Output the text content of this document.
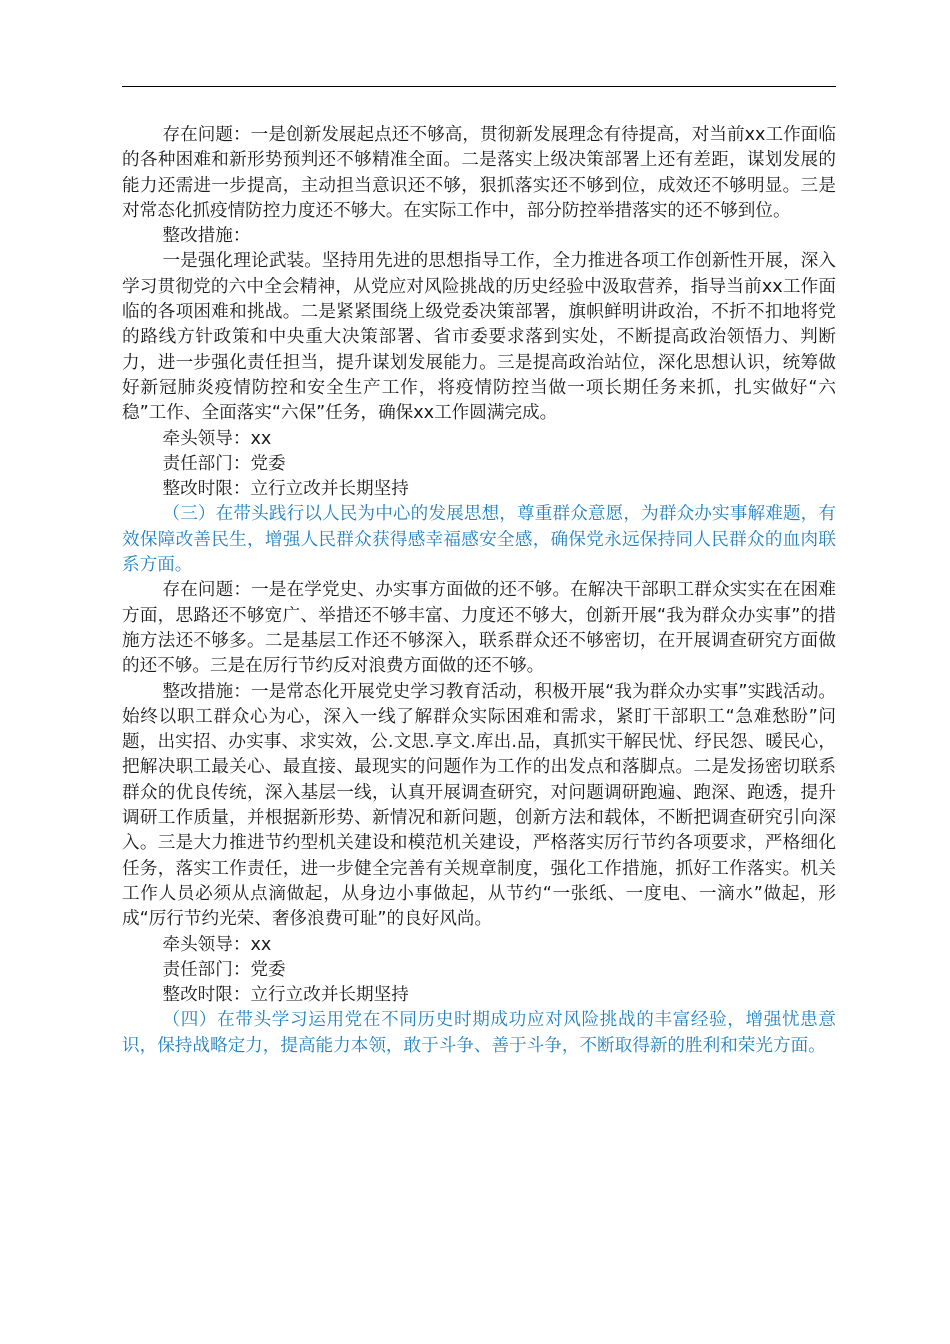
存在问题：一是创新发展起点还不够高，贯彻新发展理念有待提高，对当前xx工作面临的各种困难和新形势预判还不够精准全面。二是落实上级决策部署上还有差距，谋划发展的能力还需进一步提高，主动担当意识还不够，狠抓落实还不够到位，成效还不够明显。三是对常态化抓疫情防控力度还不够大。在实际工作中，部分防控举措落实的还不够到位。

整改措施：

一是强化理论武装。坚持用先进的思想指导工作，全力推进各项工作创新性开展，深入学习贯彻党的六中全会精神，从党应对风险挑战的历史经验中汲取营养，指导当前xx工作面临的各项困难和挑战。二是紧紧围绕上级党委决策部署，旗帜鲜明讲政治，不折不扣地将党的路线方针政策和中央重大决策部署、省市委要求落到实处，不断提高政治领悟力、判断力，进一步强化责任担当，提升谋划发展能力。三是提高政治站位，深化思想认识，统筹做好新冠肺炎疫情防控和安全生产工作，将疫情防控当做一项长期任务来抓，扎实做好“六稳”工作、全面落实“六保”任务，确保xx工作圆满完成。

牵头领导：xx

责任部门：党委

整改时限：立行立改并长期坚持

（三）在带头践行以人民为中心的发展思想，尊重群众意愿，为群众办实事解难题，有效保障改善民生，增强人民群众获得感幸福感安全感，确保党永远保持同人民群众的血肉联系方面。

存在问题：一是在学党史、办实事方面做的还不够。在解决干部职工群众实实在在困难方面，思路还不够宽广、举措还不够丰富、力度还不够大，创新开展“我为群众办实事”的措施方法还不够多。二是基层工作还不够深入，联系群众还不够密切，在开展调查研究方面做的还不够。三是在厉行节约反对浪费方面做的还不够。

整改措施：一是常态化开展党史学习教育活动，积极开展“我为群众办实事”实践活动。始终以职工群众心为心，深入一线了解群众实际困难和需求，紧盯干部职工“急难愁盼”问题，出实招、办实事、求实效，公.文思.享文.库出.品，真抓实干解民忧、纾民怨、暖民心，把解决职工最关心、最直接、最现实的问题作为工作的出发点和落脚点。二是发扬密切联系群众的优良传统，深入基层一线，认真开展调查研究，对问题调研跑遍、跑深、跑透，提升调研工作质量，并根据新形势、新情况和新问题，创新方法和载体，不断把调查研究引向深入。三是大力推进节约型机关建设和模范机关建设，严格落实厉行节约各项要求，严格细化任务，落实工作责任，进一步健全完善有关规章制度，强化工作措施，抓好工作落实。机关工作人员必须从点滴做起，从身边小事做起，从节约“一张纸、一度电、一滴水”做起，形成“厉行节约光荣、奢侈浪费可耻”的良好风尚。

牵头领导：xx

责任部门：党委

整改时限：立行立改并长期坚持

（四）在带头学习运用党在不同历史时期成功应对风险挑战的丰富经验，增强忧患意识，保持战略定力，提高能力本领，敢于斗争、善于斗争，不断取得新的胜利和荣光方面。
